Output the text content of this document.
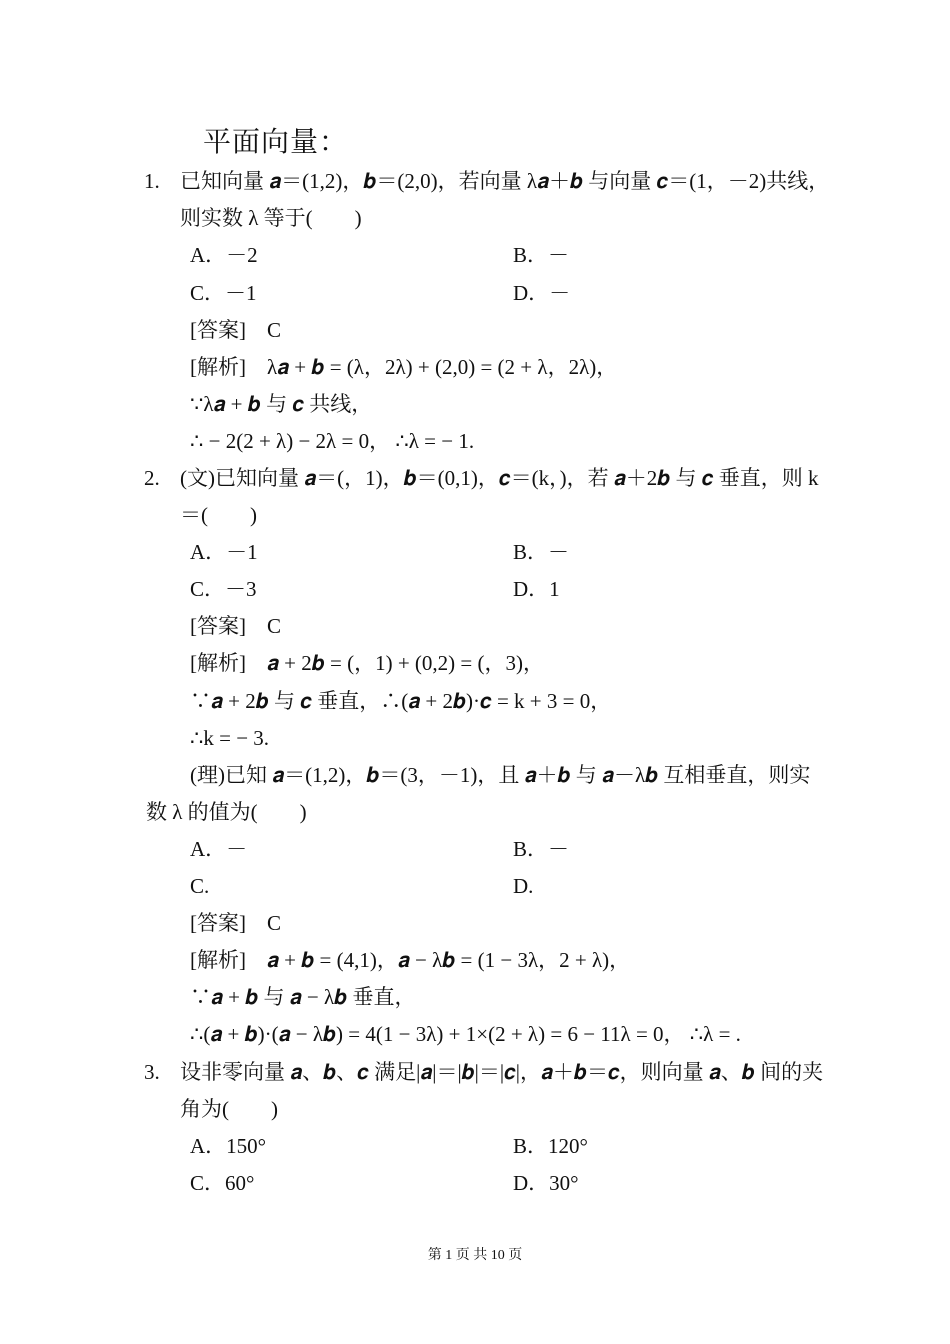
平面向量：
1. 已知向量 𝒂＝(1,2)，𝒃＝(2,0)，若向量 λ𝒂＋𝒃 与向量 𝒄＝(1，－2)共线，
则实数 λ 等于(　　)
A．－2	B．－
C．－1	D．－
[答案]　C
[解析]　λ𝒂 + 𝒃 = (λ，2λ) + (2,0) = (2 + λ，2λ)，
∵λ𝒂 + 𝒃 与 𝒄 共线，
∴ − 2(2 + λ) − 2λ = 0， ∴λ = − 1.
2. (文)已知向量 𝒂＝(，1)，𝒃＝(0,1)，𝒄＝(k，)，若 𝒂＋2𝒃 与 𝒄 垂直，则 k
＝(　　)
A．－1	B．－
C．－3	D．1
[答案]　C
[解析]　𝒂 + 2𝒃 = (，1) + (0,2) = (，3)，
∵𝒂 + 2𝒃 与 𝒄 垂直，∴(𝒂 + 2𝒃)·𝒄 = k + 3 = 0，
∴k = − 3.
(理)已知 𝒂＝(1,2)，𝒃＝(3，－1)，且 𝒂＋𝒃 与 𝒂－λ𝒃 互相垂直，则实
数 λ 的值为(　　)
A．－	B．－
C.	D.
[答案]　C
[解析]　𝒂 + 𝒃 = (4,1)，𝒂 − λ𝒃 = (1 − 3λ，2 + λ)，
∵𝒂 + 𝒃 与 𝒂 − λ𝒃 垂直，
∴(𝒂 + 𝒃)·(𝒂 − λ𝒃) = 4(1 − 3λ) + 1×(2 + λ) = 6 − 11λ = 0， ∴λ = .
3. 设非零向量 𝒂、𝒃、𝒄 满足|𝒂|＝|𝒃|＝|𝒄|，𝒂＋𝒃＝𝒄，则向量 𝒂、𝒃 间的夹
角为(　　)
A．150°	B．120°
C．60°	D．30°
第 1 页 共 10 页
